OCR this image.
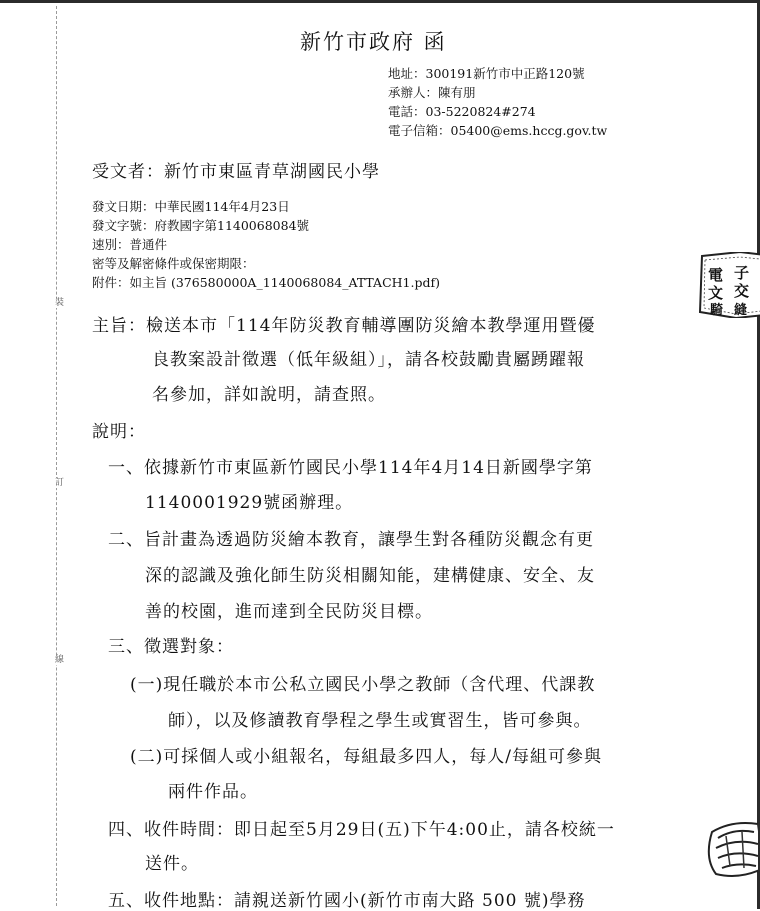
裝
訂
線
新竹市政府 函
地址：300191新竹市中正路120號
承辦人：陳有朋
電話：03-5220824#274
電子信箱：05400@ems.hccg.gov.tw
受文者：新竹市東區青草湖國民小學
發文日期：中華民國114年4月23日
發文字號：府教國字第1140068084號
速別：普通件
密等及解密條件或保密期限：
附件：如主旨 (376580000A_1140068084_ATTACH1.pdf)	電 子
文 交
騎 縫
主旨：檢送本市「114年防災教育輔導團防災繪本教學運用暨優
良教案設計徵選（低年級組）」，請各校鼓勵貴屬踴躍報
名參加，詳如說明，請查照。
說明：
一、依據新竹市東區新竹國民小學114年4月14日新國學字第
1140001929號函辦理。
二、旨計畫為透過防災繪本教育，讓學生對各種防災觀念有更
深的認識及強化師生防災相關知能，建構健康、安全、友
善的校園，進而達到全民防災目標。
三、徵選對象：
(一)現任職於本市公私立國民小學之教師（含代理、代課教
師），以及修讀教育學程之學生或實習生，皆可參與。
(二)可採個人或小組報名，每組最多四人，每人/每組可參與
兩件作品。
四、收件時間：即日起至5月29日(五)下午4:00止，請各校統一
送件。
五、收件地點：請親送新竹國小(新竹市南大路 500 號)學務
